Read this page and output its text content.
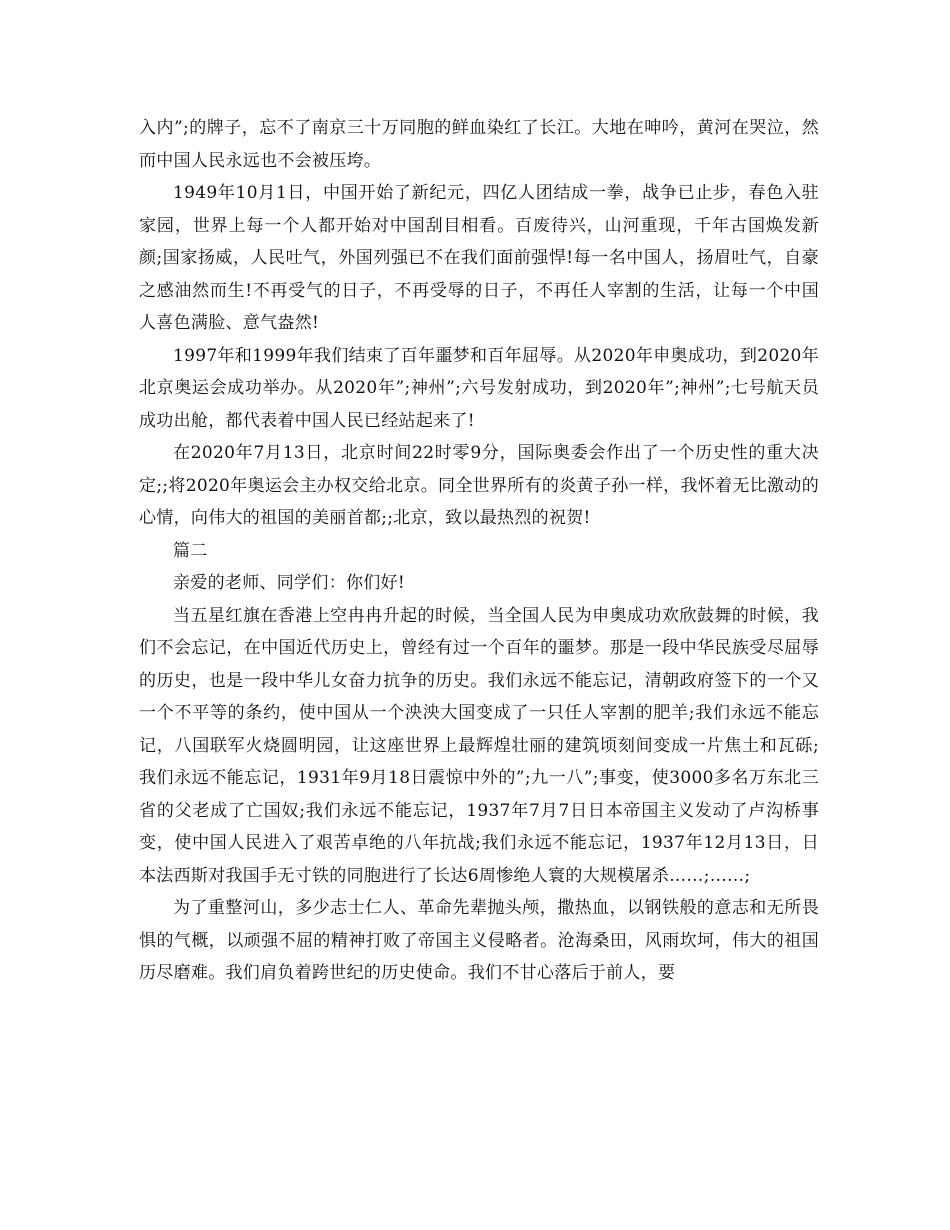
入内”;的牌子，忘不了南京三十万同胞的鲜血染红了长江。大地在呻吟，黄河在哭泣，然而中国人民永远也不会被压垮。

1949年10月1日，中国开始了新纪元，四亿人团结成一拳，战争已止步，春色入驻家园，世界上每一个人都开始对中国刮目相看。百废待兴，山河重现，千年古国焕发新颜;国家扬威，人民吐气，外国列强已不在我们面前强悍!每一名中国人，扬眉吐气，自豪之感油然而生!不再受气的日子，不再受辱的日子，不再任人宰割的生活，让每一个中国人喜色满脸、意气盎然!

1997年和1999年我们结束了百年噩梦和百年屈辱。从2020年申奥成功，到2020年北京奥运会成功举办。从2020年”;神州”;六号发射成功，到2020年”;神州”;七号航天员成功出舱，都代表着中国人民已经站起来了!

在2020年7月13日，北京时间22时零9分，国际奥委会作出了一个历史性的重大决定;;将2020年奥运会主办权交给北京。同全世界所有的炎黄子孙一样，我怀着无比激动的心情，向伟大的祖国的美丽首都;;北京，致以最热烈的祝贺!

篇二

亲爱的老师、同学们：你们好!

当五星红旗在香港上空冉冉升起的时候，当全国人民为申奥成功欢欣鼓舞的时候，我们不会忘记，在中国近代历史上，曾经有过一个百年的噩梦。那是一段中华民族受尽屈辱的历史，也是一段中华儿女奋力抗争的历史。我们永远不能忘记，清朝政府签下的一个又一个不平等的条约，使中国从一个泱泱大国变成了一只任人宰割的肥羊;我们永远不能忘记，八国联军火烧圆明园，让这座世界上最辉煌壮丽的建筑顷刻间变成一片焦土和瓦砾;我们永远不能忘记，1931年9月18日震惊中外的”;九一八”;事变，使3000多名万东北三省的父老成了亡国奴;我们永远不能忘记，1937年7月7日日本帝国主义发动了卢沟桥事变，使中国人民进入了艰苦卓绝的八年抗战;我们永远不能忘记，1937年12月13日，日本法西斯对我国手无寸铁的同胞进行了长达6周惨绝人寰的大规模屠杀……;……;

为了重整河山，多少志士仁人、革命先辈抛头颅，撒热血，以钢铁般的意志和无所畏惧的气概，以顽强不屈的精神打败了帝国主义侵略者。沧海桑田，风雨坎坷，伟大的祖国历尽磨难。我们肩负着跨世纪的历史使命。我们不甘心落后于前人，要
